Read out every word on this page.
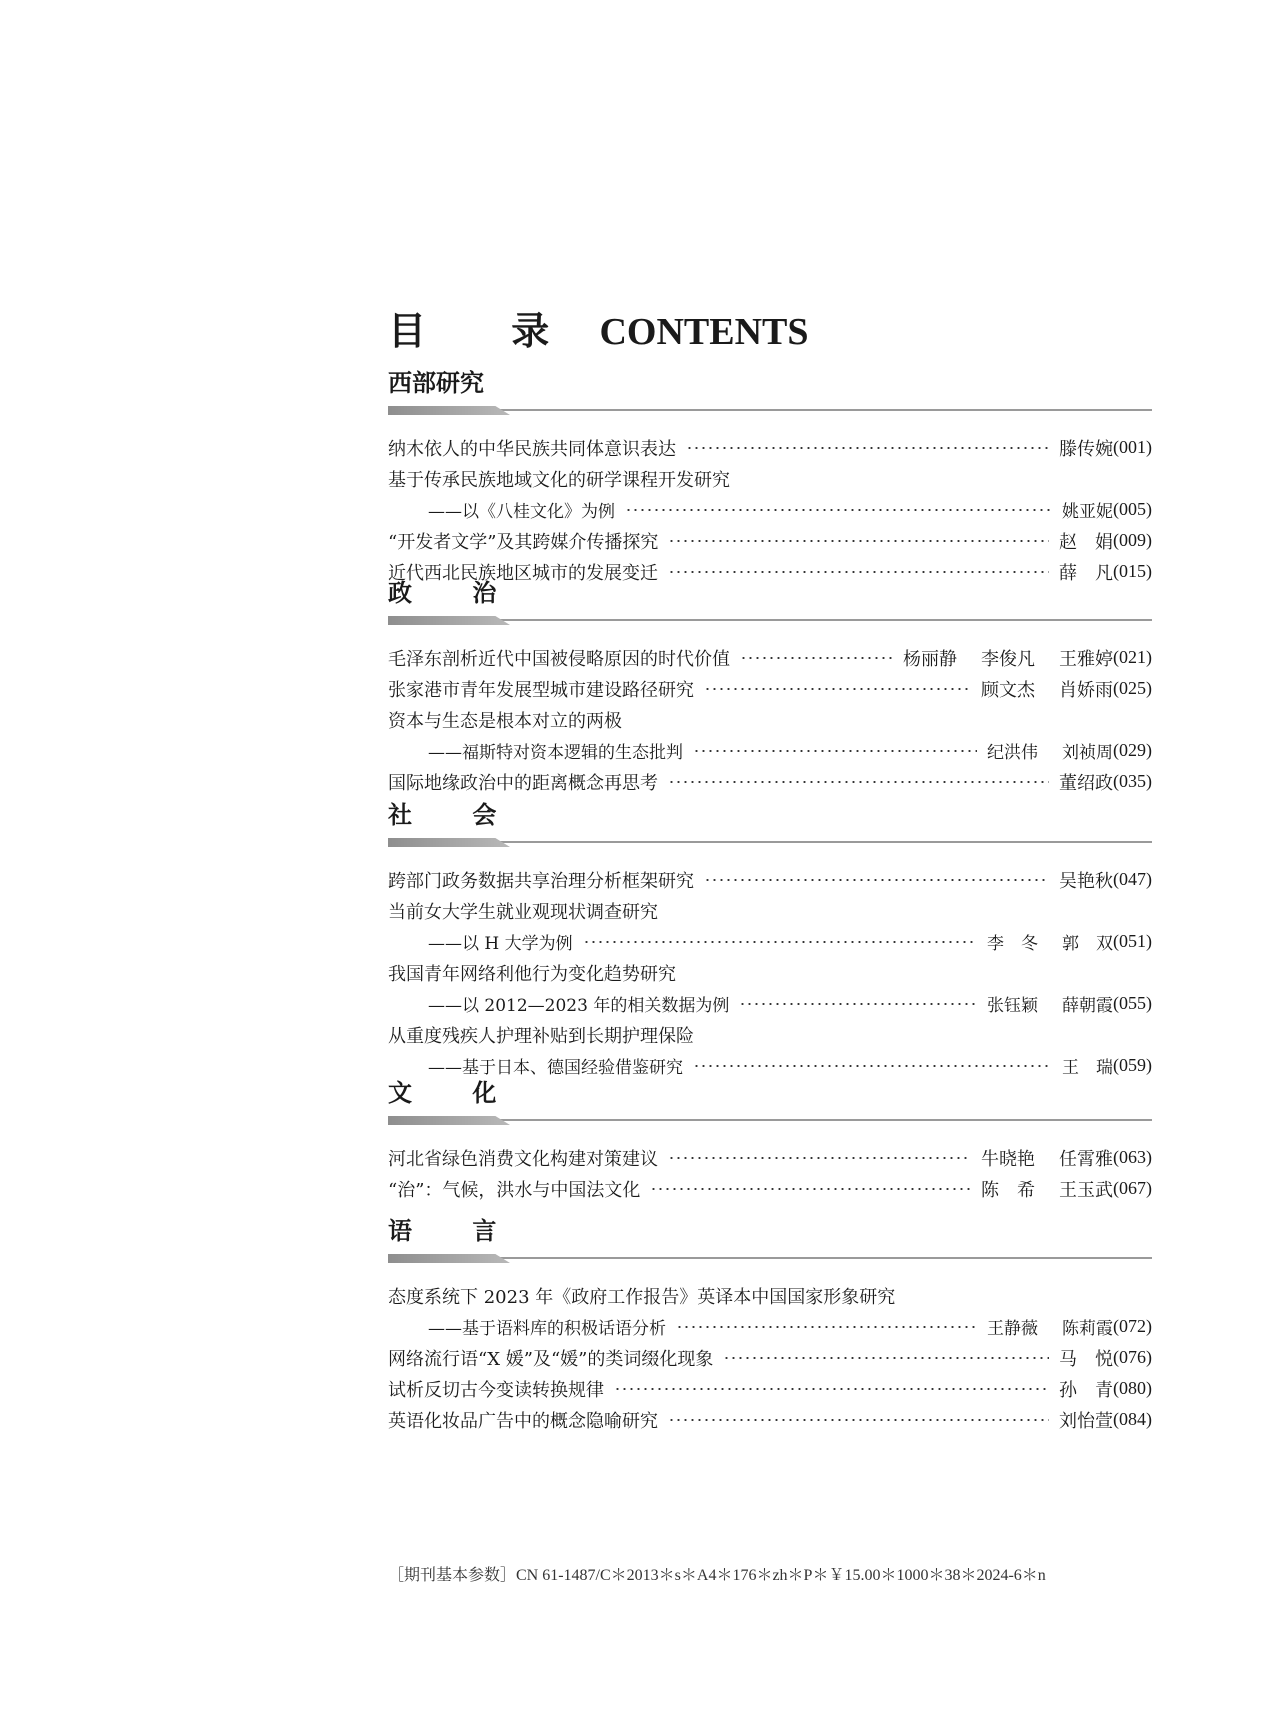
目 录 CONTENTS
西部研究
纳木依人的中华民族共同体意识表达	滕传婉 (001)
基于传承民族地域文化的研学课程开发研究
——以《八桂文化》为例	姚亚妮 (005)
“开发者文学”及其跨媒介传播探究	赵　娟 (009)
近代西北民族地区城市的发展变迁	薛　凡 (015)
政 治
毛泽东剖析近代中国被侵略原因的时代价值	杨丽静 李俊凡 王雅婷 (021)
张家港市青年发展型城市建设路径研究	顾文杰 肖娇雨 (025)
资本与生态是根本对立的两极
——福斯特对资本逻辑的生态批判	纪洪伟 刘祯周 (029)
国际地缘政治中的距离概念再思考	董绍政 (035)
社 会
跨部门政务数据共享治理分析框架研究	吴艳秋 (047)
当前女大学生就业观现状调查研究
——以 H 大学为例	李　冬 郭　双 (051)
我国青年网络利他行为变化趋势研究
——以 2012—2023 年的相关数据为例	张钰颖 薛朝霞 (055)
从重度残疾人护理补贴到长期护理保险
——基于日本、德国经验借鉴研究	王　瑞 (059)
文 化
河北省绿色消费文化构建对策建议	牛晓艳 任霄雅 (063)
“治”：气候，洪水与中国法文化	陈　希 王玉武 (067)
语 言
态度系统下 2023 年《政府工作报告》英译本中国国家形象研究
——基于语料库的积极话语分析	王静薇 陈莉霞 (072)
网络流行语“X 媛”及“媛”的类词缀化现象	马　悦 (076)
试析反切古今变读转换规律	孙　青 (080)
英语化妆品广告中的概念隐喻研究	刘怡萱 (084)
［期刊基本参数］CN 61-1487/C＊2013＊s＊A4＊176＊zh＊P＊￥15.00＊1000＊38＊2024-6＊n
